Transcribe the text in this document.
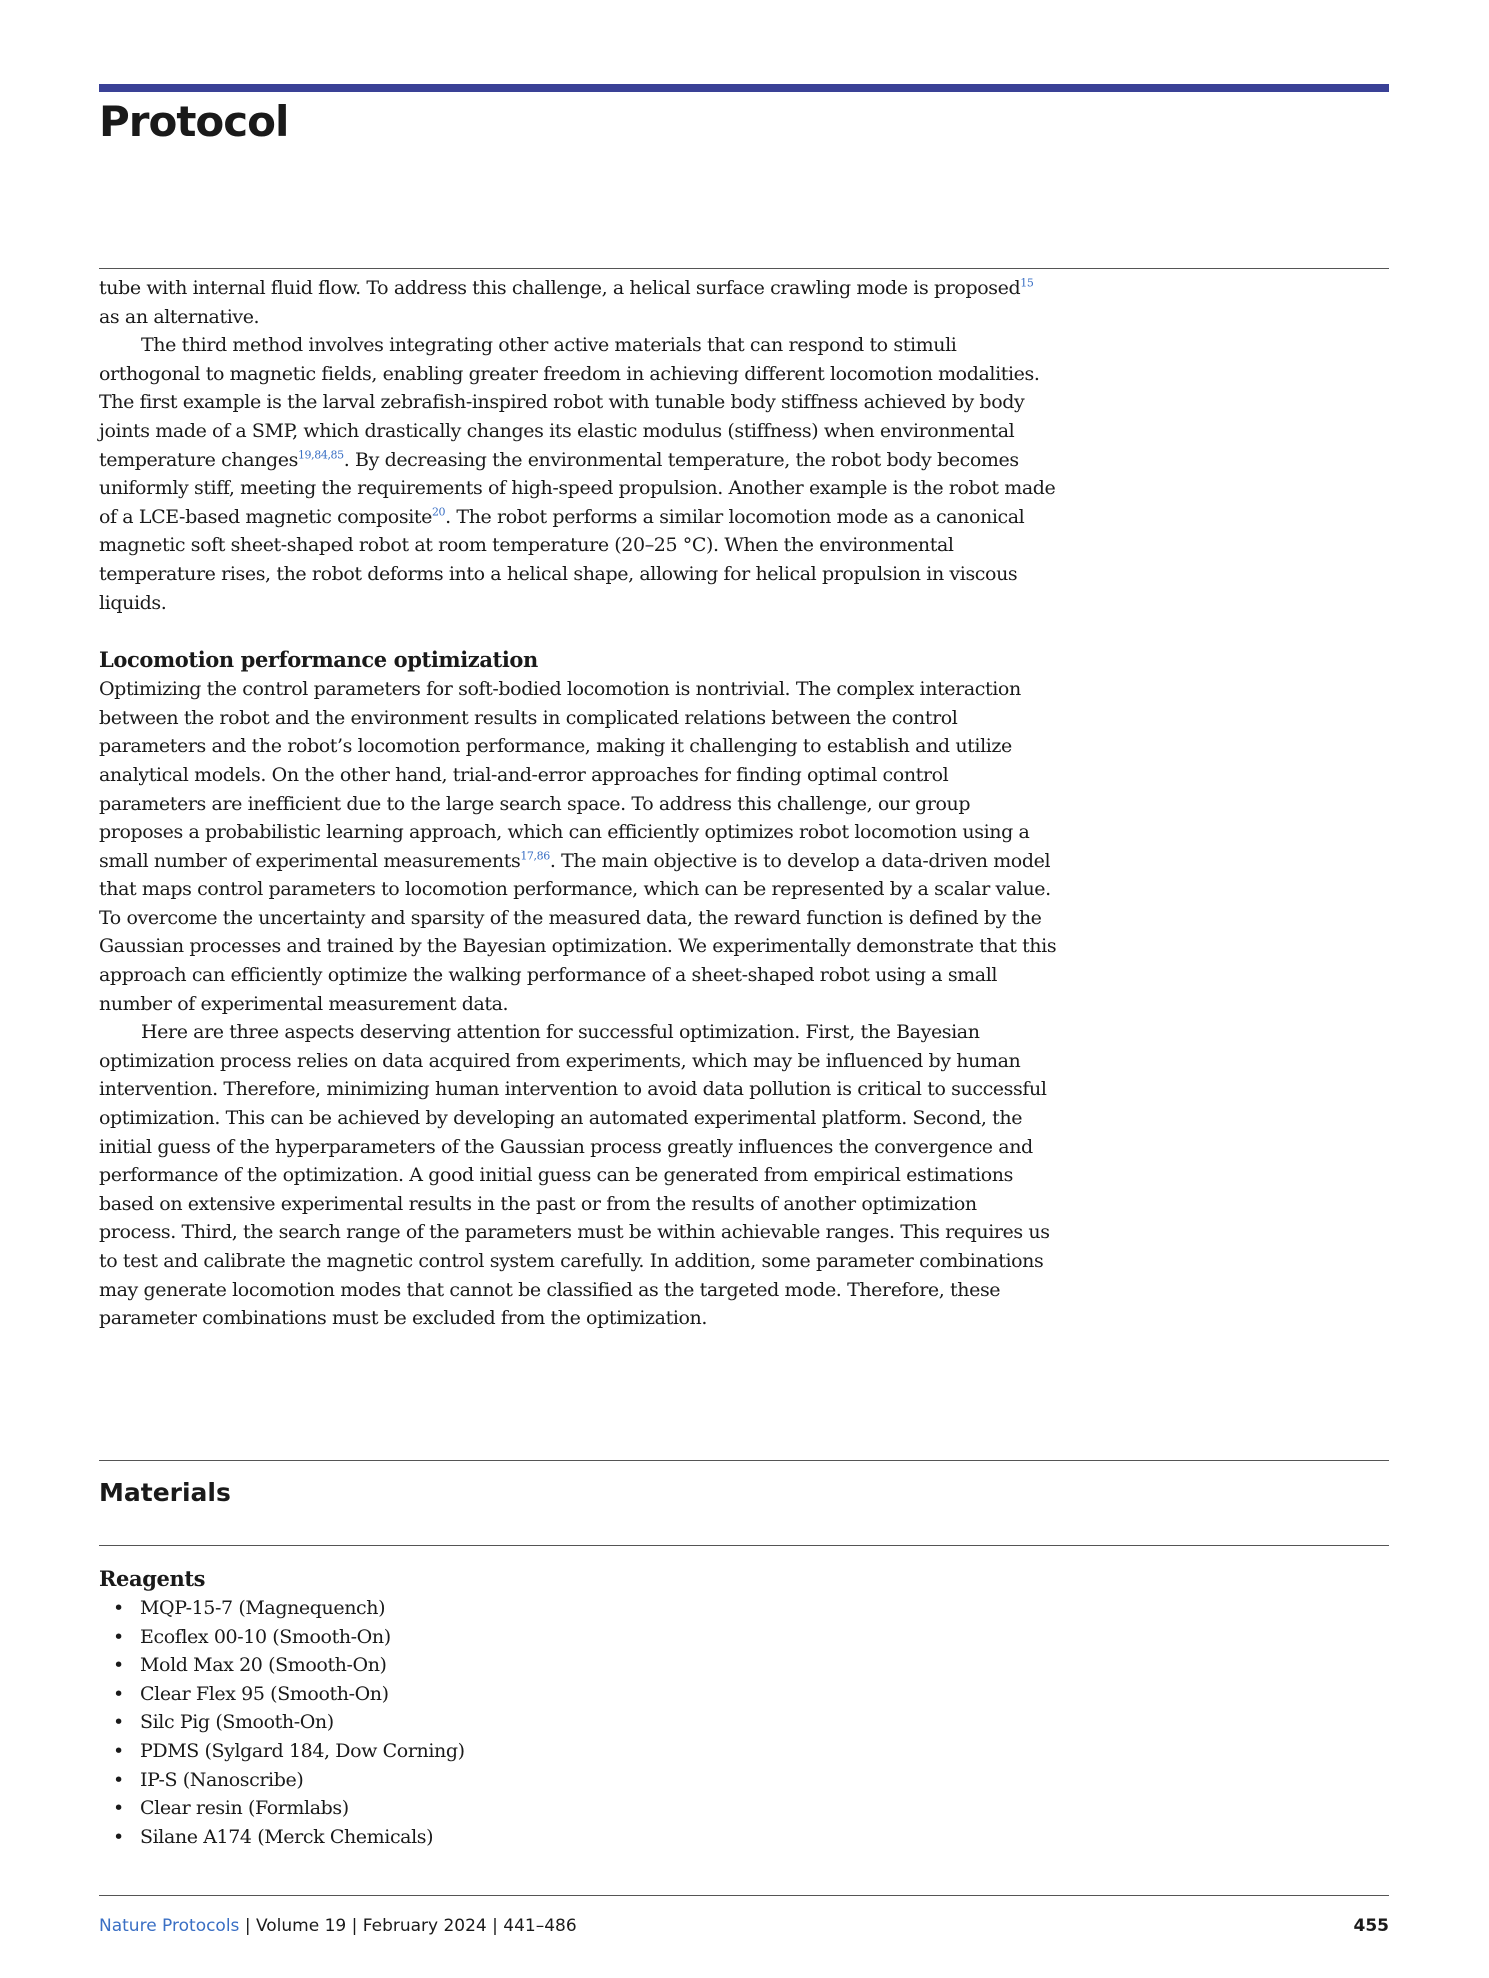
Protocol

tube with internal fluid flow. To address this challenge, a helical surface crawling mode is proposed$^{15}$ as an alternative.

The third method involves integrating other active materials that can respond to stimuli orthogonal to magnetic fields, enabling greater freedom in achieving different locomotion modalities. The first example is the larval zebrafish-inspired robot with tunable body stiffness achieved by body joints made of a SMP, which drastically changes its elastic modulus (stiffness) when environmental temperature changes$^{19,84,85}$. By decreasing the environmental temperature, the robot body becomes uniformly stiff, meeting the requirements of high-speed propulsion. Another example is the robot made of a LCE-based magnetic composite$^{20}$. The robot performs a similar locomotion mode as a canonical magnetic soft sheet-shaped robot at room temperature (20–25 °C). When the environmental temperature rises, the robot deforms into a helical shape, allowing for helical propulsion in viscous liquids.

Locomotion performance optimization

Optimizing the control parameters for soft-bodied locomotion is nontrivial. The complex interaction between the robot and the environment results in complicated relations between the control parameters and the robot’s locomotion performance, making it challenging to establish and utilize analytical models. On the other hand, trial-and-error approaches for finding optimal control parameters are inefficient due to the large search space. To address this challenge, our group proposes a probabilistic learning approach, which can efficiently optimizes robot locomotion using a small number of experimental measurements$^{17,86}$. The main objective is to develop a data-driven model that maps control parameters to locomotion performance, which can be represented by a scalar value. To overcome the uncertainty and sparsity of the measured data, the reward function is defined by the Gaussian processes and trained by the Bayesian optimization. We experimentally demonstrate that this approach can efficiently optimize the walking performance of a sheet-shaped robot using a small number of experimental measurement data.

Here are three aspects deserving attention for successful optimization. First, the Bayesian optimization process relies on data acquired from experiments, which may be influenced by human intervention. Therefore, minimizing human intervention to avoid data pollution is critical to successful optimization. This can be achieved by developing an automated experimental platform. Second, the initial guess of the hyperparameters of the Gaussian process greatly influences the convergence and performance of the optimization. A good initial guess can be generated from empirical estimations based on extensive experimental results in the past or from the results of another optimization process. Third, the search range of the parameters must be within achievable ranges. This requires us to test and calibrate the magnetic control system carefully. In addition, some parameter combinations may generate locomotion modes that cannot be classified as the targeted mode. Therefore, these parameter combinations must be excluded from the optimization.

Materials
Reagents
• MQP-15-7 (Magnequench)
• Ecoflex 00-10 (Smooth-On)
• Mold Max 20 (Smooth-On)
• Clear Flex 95 (Smooth-On)
• Silc Pig (Smooth-On)
• PDMS (Sylgard 184, Dow Corning)
• IP-S (Nanoscribe)
• Clear resin (Formlabs)
• Silane A174 (Merck Chemicals)
Nature Protocols | Volume 19 | February 2024 | 441–486	455
